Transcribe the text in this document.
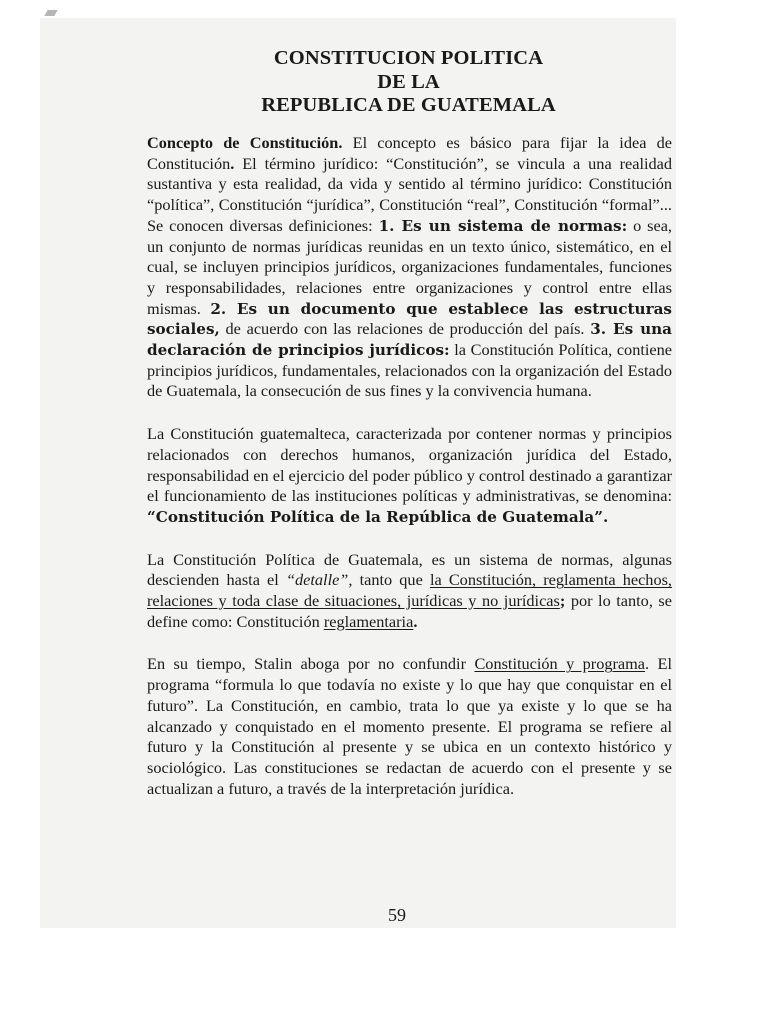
CONSTITUCION POLITICA
DE LA
REPUBLICA DE GUATEMALA

Concepto de Constitución. El concepto es básico para fijar la idea de Constitución. El término jurídico: “Constitución”, se vincula a una realidad sustantiva y esta realidad, da vida y sentido al término jurídico: Constitución “política”, Constitución “jurídica”, Constitución “real”, Constitución “formal”... Se conocen diversas definiciones: 1. Es un sistema de normas: o sea, un conjunto de normas jurídicas reunidas en un texto único, sistemático, en el cual, se incluyen principios jurídicos, organizaciones fundamentales, funciones y responsabilidades, relaciones entre organizaciones y control entre ellas mismas. 2. Es un documento que establece las estructuras sociales, de acuerdo con las relaciones de producción del país. 3. Es una declaración de principios jurídicos: la Constitución Política, contiene principios jurídicos, fundamentales, relacionados con la organización del Estado de Guatemala, la consecución de sus fines y la convivencia humana.

La Constitución guatemalteca, caracterizada por contener normas y principios relacionados con derechos humanos, organización jurídica del Estado, responsabilidad en el ejercicio del poder público y control destinado a garantizar el funcionamiento de las instituciones políticas y administrativas, se denomina: “Constitución Política de la República de Guatemala”.

La Constitución Política de Guatemala, es un sistema de normas, algunas descienden hasta el “detalle”, tanto que la Constitución, reglamenta hechos, relaciones y toda clase de situaciones, jurídicas y no jurídicas; por lo tanto, se define como: Constitución reglamentaria.

En su tiempo, Stalin aboga por no confundir Constitución y programa. El programa “formula lo que todavía no existe y lo que hay que conquistar en el futuro”. La Constitución, en cambio, trata lo que ya existe y lo que se ha alcanzado y conquistado en el momento presente. El programa se refiere al futuro y la Constitución al presente y se ubica en un contexto histórico y sociológico. Las constituciones se redactan de acuerdo con el presente y se actualizan a futuro, a través de la interpretación jurídica.

59
